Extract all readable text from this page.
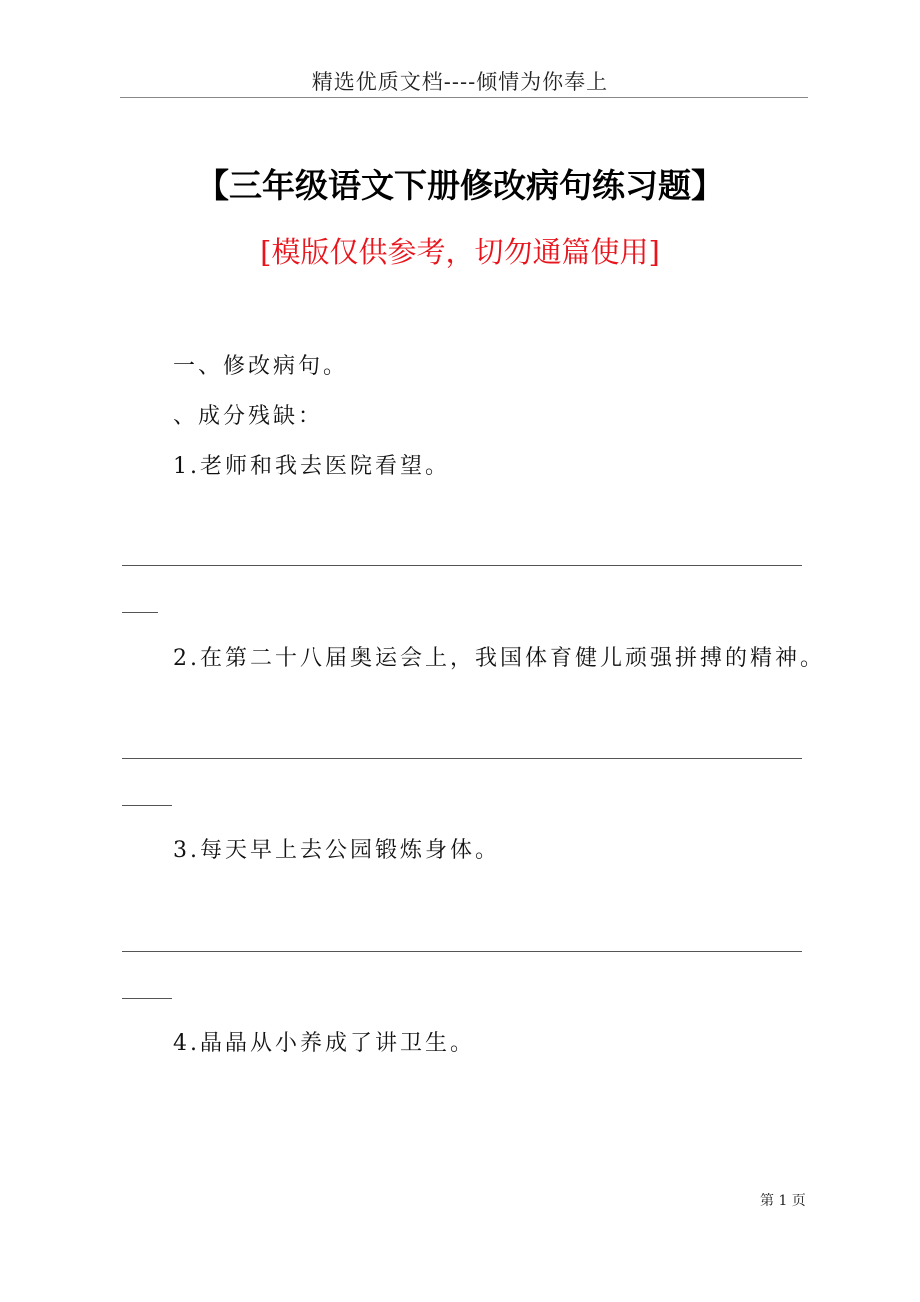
精选优质文档----倾情为你奉上
【三年级语文下册修改病句练习题】
[模版仅供参考，切勿通篇使用]
一、修改病句。
、成分残缺：
1.老师和我去医院看望。
2.在第二十八届奥运会上，我国体育健儿顽强拼搏的精神。
3.每天早上去公园锻炼身体。
4.晶晶从小养成了讲卫生。
第 1 页
